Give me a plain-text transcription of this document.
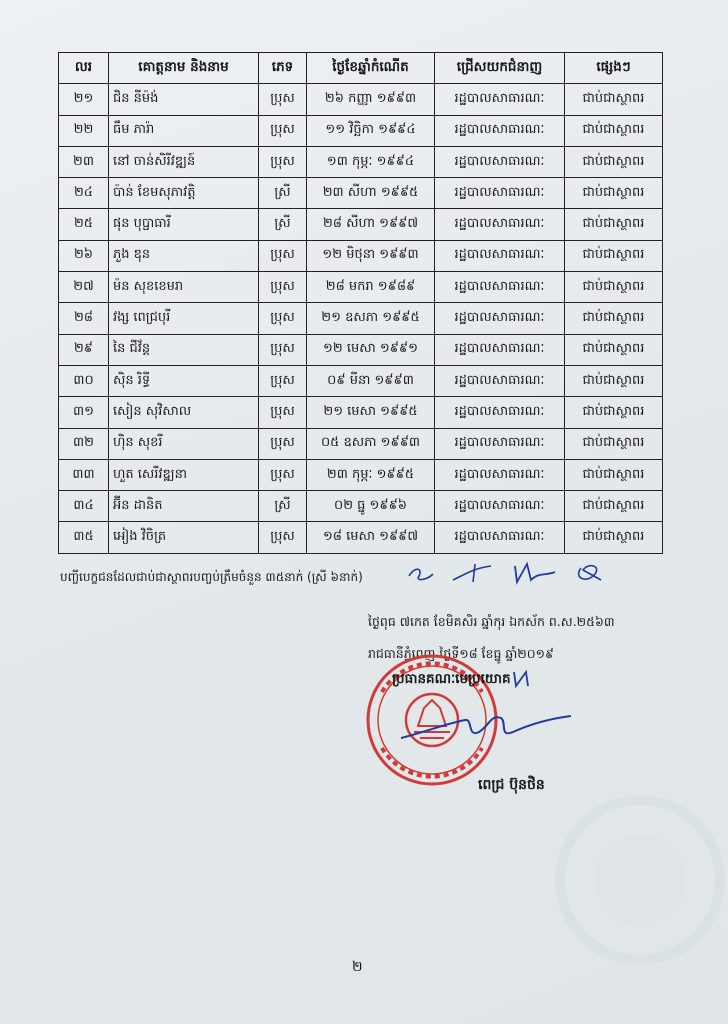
លរ	គោត្តនាម និងនាម	ភេទ	ថ្ងៃខែឆ្នាំកំណើត	ជ្រើសយកជំនាញ	ផ្សេងៗ
២១	ជិន នីម៉ង់	ប្រុស	២៦ កញ្ញា ១៩៩៣	រដ្ឋបាលសាធារណៈ	ជាប់ជាស្ថាពរ
២២	ធឹម ភារ៉ា	ប្រុស	១១ វិច្ឆិកា ១៩៩៤	រដ្ឋបាលសាធារណៈ	ជាប់ជាស្ថាពរ
២៣	នៅ ចាន់សិរីវឌ្ឍន៍	ប្រុស	១៣ កុម្ភៈ ១៩៩៤	រដ្ឋបាលសាធារណៈ	ជាប់ជាស្ថាពរ
២៤	ប៉ាន់ ខែមសុភាវត្តិ	ស្រី	២៣ សីហា ១៩៩៥	រដ្ឋបាលសាធារណៈ	ជាប់ជាស្ថាពរ
២៥	ផុន បុប្ផាធារី	ស្រី	២៨ សីហា ១៩៩៧	រដ្ឋបាលសាធារណៈ	ជាប់ជាស្ថាពរ
២៦	ភួង ឌុន	ប្រុស	១២ មិថុនា ១៩៩៣	រដ្ឋបាលសាធារណៈ	ជាប់ជាស្ថាពរ
២៧	ម៉ន សុខខេមរា	ប្រុស	២៨ មករា ១៩៨៩	រដ្ឋបាលសាធារណៈ	ជាប់ជាស្ថាពរ
២៨	វង្ស ពេជ្របុរី	ប្រុស	២១ ឧសភា ១៩៩៥	រដ្ឋបាលសាធារណៈ	ជាប់ជាស្ថាពរ
២៩	នៃ ជីវ័ន្ត	ប្រុស	១២ មេសា ១៩៩១	រដ្ឋបាលសាធារណៈ	ជាប់ជាស្ថាពរ
៣០	ស៊ិន រិទ្ធី	ប្រុស	០៩ មីនា ១៩៩៣	រដ្ឋបាលសាធារណៈ	ជាប់ជាស្ថាពរ
៣១	សៀន សុវិសាល	ប្រុស	២១ មេសា ១៩៩៥	រដ្ឋបាលសាធារណៈ	ជាប់ជាស្ថាពរ
៣២	ហ៊ិន សុខរី	ប្រុស	០៥ ឧសភា ១៩៩៣	រដ្ឋបាលសាធារណៈ	ជាប់ជាស្ថាពរ
៣៣	ហួត សេរីវឌ្ឍនា	ប្រុស	២៣ កុម្ភៈ ១៩៩៥	រដ្ឋបាលសាធារណៈ	ជាប់ជាស្ថាពរ
៣៤	អ៊ីន ដានិត	ស្រី	០២ ធ្នូ ១៩៩៦	រដ្ឋបាលសាធារណៈ	ជាប់ជាស្ថាពរ
៣៥	អៀង វិចិត្រ	ប្រុស	១៨ មេសា ១៩៩៧	រដ្ឋបាលសាធារណៈ	ជាប់ជាស្ថាពរ
បញ្ចីបេក្ខជនដែលជាប់ជាស្ថាពរបញ្ចប់ត្រឹមចំនួន ៣៥នាក់ (ស្រី ៦នាក់)
ថ្ងៃពុធ ៧កេត ខែមិគសិរ ឆ្នាំកុរ ឯកស័ក ព.ស.២៥៦៣
រាជធានីភ្នំពេញ ថ្ងៃទី១៨ ខែធ្នូ ឆ្នាំ២០១៩
ប្រធានគណៈមេប្រយោគ
ពេជ្រ ប៊ុនថិន
២
